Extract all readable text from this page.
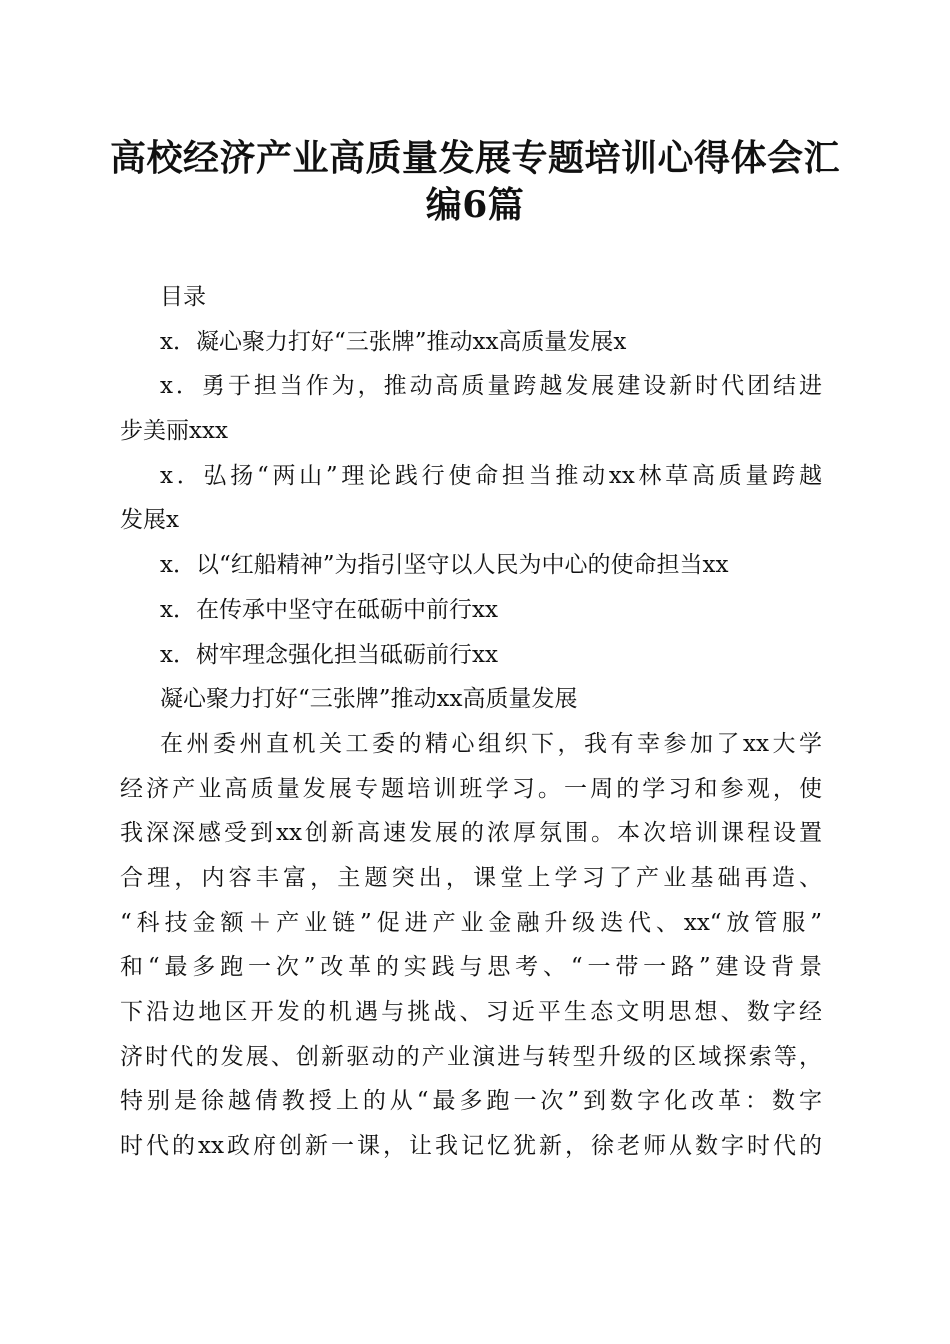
高校经济产业高质量发展专题培训心得体会汇
编6篇
目录
x．凝心聚力打好“三张牌”推动xx高质量发展x
x．勇于担当作为，推动高质量跨越发展建设新时代团结进
步美丽xxx
x．弘扬“两山”理论践行使命担当推动xx林草高质量跨越
发展x
x．以“红船精神”为指引坚守以人民为中心的使命担当xx
x．在传承中坚守在砥砺中前行xx
x．树牢理念强化担当砥砺前行xx
凝心聚力打好“三张牌”推动xx高质量发展
在州委州直机关工委的精心组织下，我有幸参加了xx大学
经济产业高质量发展专题培训班学习。一周的学习和参观，使
我深深感受到xx创新高速发展的浓厚氛围。本次培训课程设置
合理，内容丰富，主题突出，课堂上学习了产业基础再造、
“科技金额＋产业链”促进产业金融升级迭代、xx“放管服”
和“最多跑一次”改革的实践与思考、“一带一路”建设背景
下沿边地区开发的机遇与挑战、习近平生态文明思想、数字经
济时代的发展、创新驱动的产业演进与转型升级的区域探索等，
特别是徐越倩教授上的从“最多跑一次”到数字化改革：数字
时代的xx政府创新一课，让我记忆犹新，徐老师从数字时代的
